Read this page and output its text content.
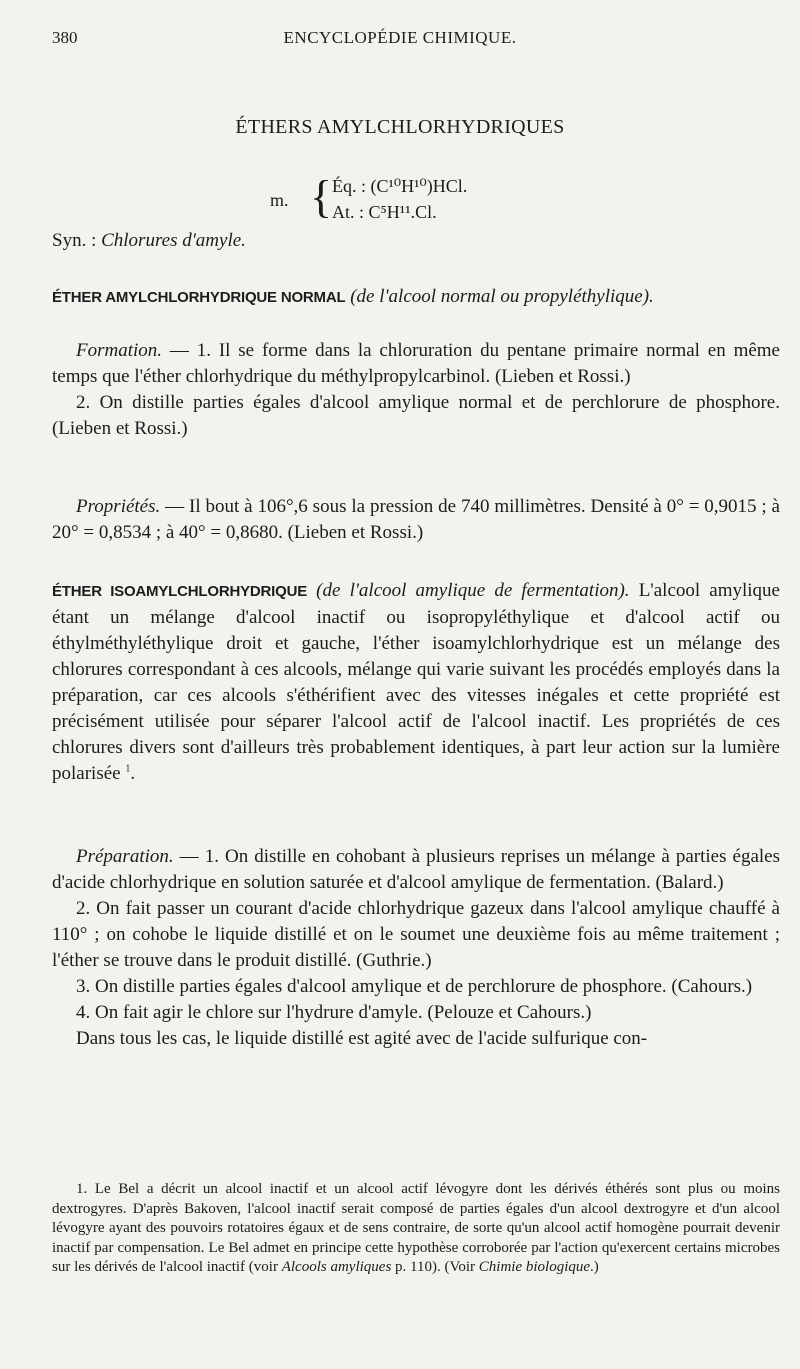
380	ENCYCLOPÉDIE CHIMIQUE.
ÉTHERS AMYLCHLORHYDRIQUES
m. { Éq. : (C¹⁰H¹⁰)HCl.
At. : C⁵H¹¹.Cl.
Syn. : Chlorures d'amyle.

ÉTHER AMYLCHLORHYDRIQUE NORMAL (de l'alcool normal ou propyléthylique).

Formation. — 1. Il se forme dans la chloruration du pentane primaire normal en même temps que l'éther chlorhydrique du méthylpropylcarbinol. (Lieben et Rossi.)

2. On distille parties égales d'alcool amylique normal et de perchlorure de phosphore. (Lieben et Rossi.)

Propriétés. — Il bout à 106°,6 sous la pression de 740 millimètres. Densité à 0° = 0,9015 ; à 20° = 0,8534 ; à 40° = 0,8680. (Lieben et Rossi.)

ÉTHER ISOAMYLCHLORHYDRIQUE (de l'alcool amylique de fermentation). L'alcool amylique étant un mélange d'alcool inactif ou isopropyléthylique et d'alcool actif ou éthylméthyléthylique droit et gauche, l'éther isoamylchlorhydrique est un mélange des chlorures correspondant à ces alcools, mélange qui varie suivant les procédés employés dans la préparation, car ces alcools s'éthérifient avec des vitesses inégales et cette propriété est précisément utilisée pour séparer l'alcool actif de l'alcool inactif. Les propriétés de ces chlorures divers sont d'ailleurs très probablement identiques, à part leur action sur la lumière polarisée $^1$.

Préparation. — 1. On distille en cohobant à plusieurs reprises un mélange à parties égales d'acide chlorhydrique en solution saturée et d'alcool amylique de fermentation. (Balard.)

2. On fait passer un courant d'acide chlorhydrique gazeux dans l'alcool amylique chauffé à 110° ; on cohobe le liquide distillé et on le soumet une deuxième fois au même traitement ; l'éther se trouve dans le produit distillé. (Guthrie.)

3. On distille parties égales d'alcool amylique et de perchlorure de phosphore. (Cahours.)

4. On fait agir le chlore sur l'hydrure d'amyle. (Pelouze et Cahours.)

Dans tous les cas, le liquide distillé est agité avec de l'acide sulfurique con-

1. Le Bel a décrit un alcool inactif et un alcool actif lévogyre dont les dérivés éthérés sont plus ou moins dextrogyres. D'après Bakoven, l'alcool inactif serait composé de parties égales d'un alcool dextrogyre et d'un alcool lévogyre ayant des pouvoirs rotatoires égaux et de sens contraire, de sorte qu'un alcool actif homogène pourrait devenir inactif par compensation. Le Bel admet en principe cette hypothèse corroborée par l'action qu'exercent certains microbes sur les dérivés de l'alcool inactif (voir Alcools amyliques p. 110). (Voir Chimie biologique.)
